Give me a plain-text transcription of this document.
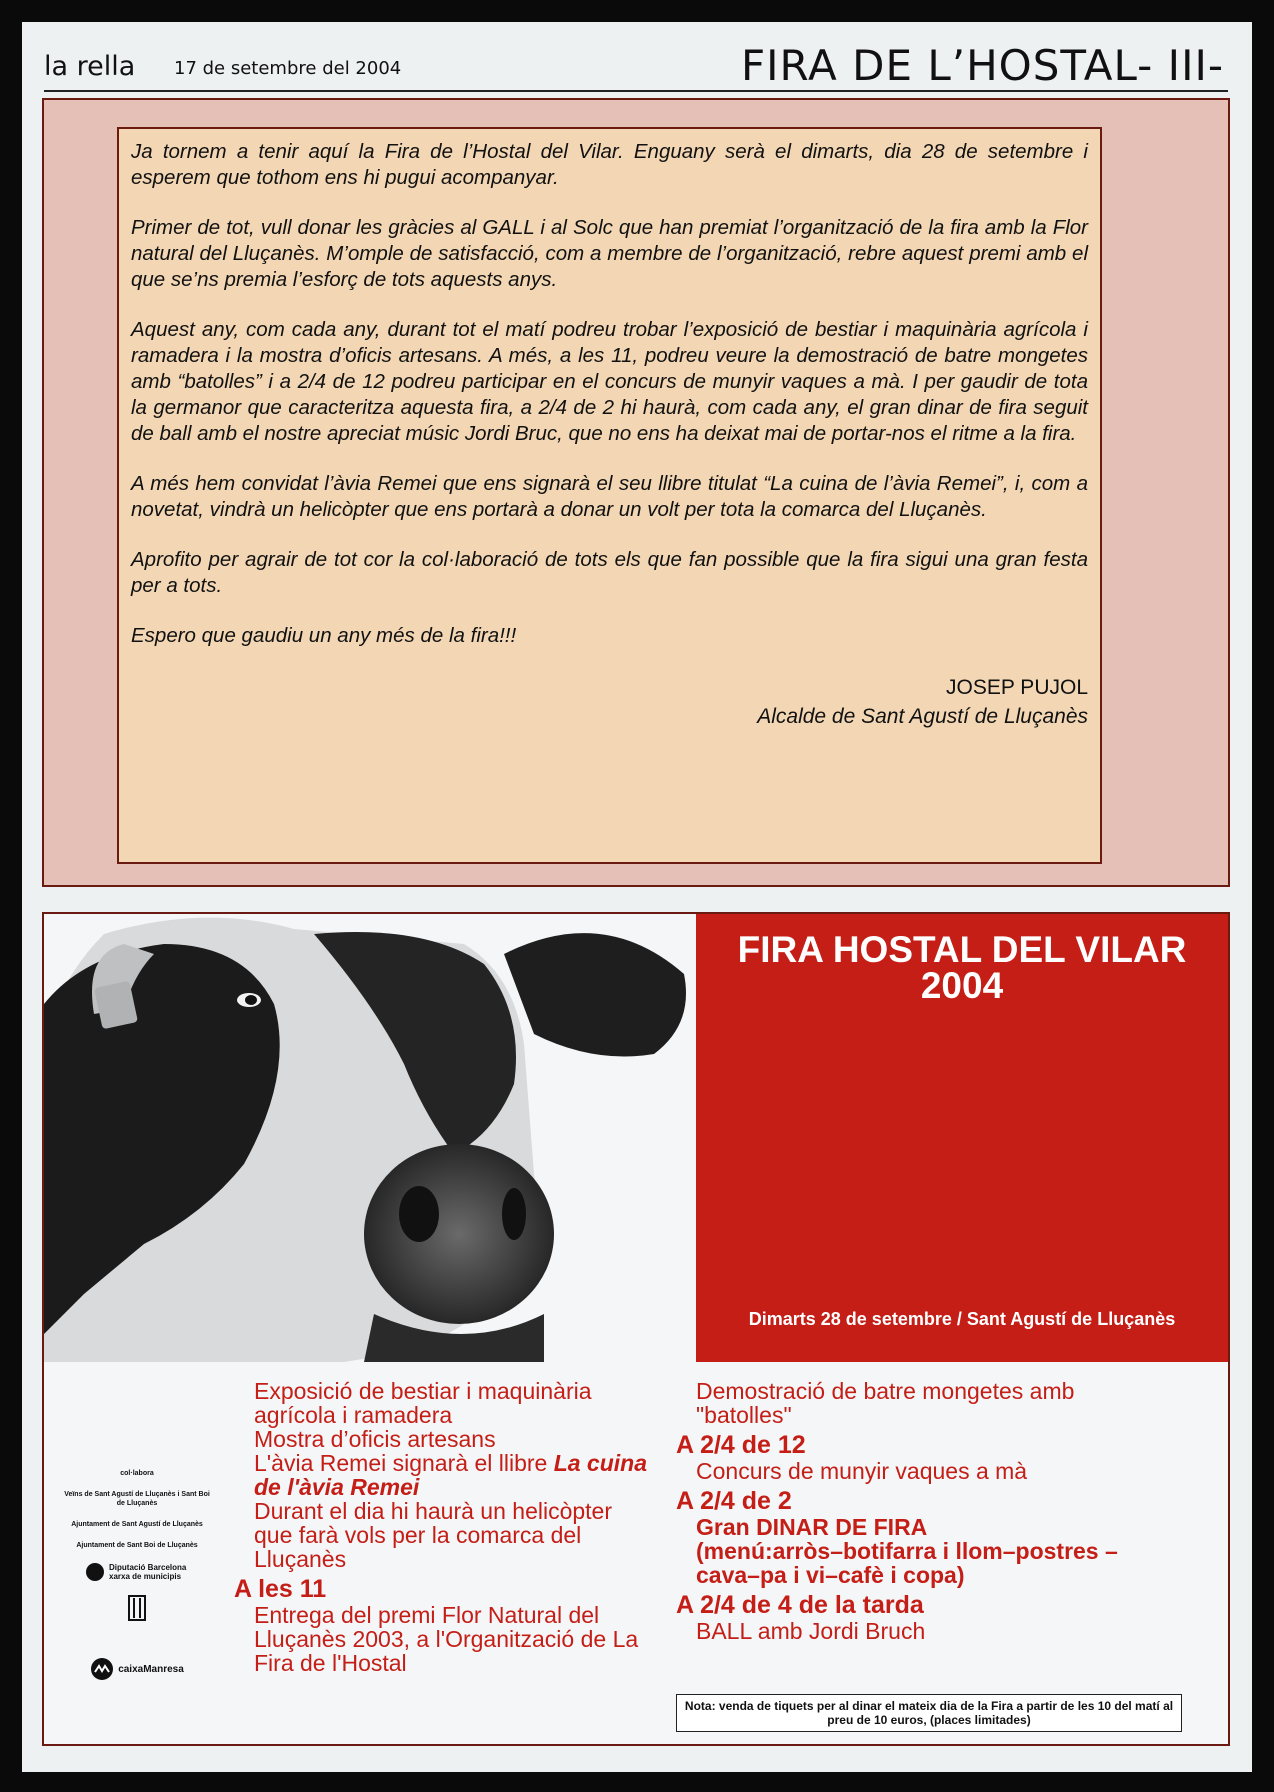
la rella 17 de setembre del 2004	FIRA DE L’HOSTAL- III-

Ja tornem a tenir aquí la Fira de l’Hostal del Vilar. Enguany serà el dimarts, dia 28 de setembre i esperem que tothom ens hi pugui acompanyar.

Primer de tot, vull donar les gràcies al GALL i al Solc que han premiat l’organització de la fira amb la Flor natural del Lluçanès. M’omple de satisfacció, com a membre de l’organització, rebre aquest premi amb el que se’ns premia l’esforç de tots aquests anys.

Aquest any, com cada any, durant tot el matí podreu trobar l’exposició de bestiar i maquinària agrícola i ramadera i la mostra d’oficis artesans. A més, a les 11, podreu veure la demostració de batre mongetes amb “batolles” i a 2/4 de 12 podreu participar en el concurs de munyir vaques a mà. I per gaudir de tota la germanor que caracteritza aquesta fira, a 2/4 de 2 hi haurà, com cada any, el gran dinar de fira seguit de ball amb el nostre apreciat músic Jordi Bruc, que no ens ha deixat mai de portar-nos el ritme a la fira.

A més hem convidat l’àvia Remei que ens signarà el seu llibre titulat “La cuina de l’àvia Remei”, i, com a novetat, vindrà un helicòpter que ens portarà a donar un volt per tota la comarca del Lluçanès.

Aprofito per agrair de tot cor la col·laboració de tots els que fan possible que la fira sigui una gran festa per a tots.

Espero que gaudiu un any més de la fira!!!

JOSEP PUJOL
Alcalde de Sant Agustí de Lluçanès
FIRA HOSTAL DEL VILAR
2004
Dimarts 28 de setembre / Sant Agustí de Lluçanès
col·labora
Veïns de Sant Agustí de Lluçanès i Sant Boi de Lluçanès
Ajuntament de Sant Agustí de Lluçanès
Ajuntament de Sant Boi de Lluçanès
Diputació Barcelona xarxa de municipis
caixaManresa
Exposició de bestiar i maquinària agrícola i ramadera
Mostra d’oficis artesans
L'àvia Remei signarà el llibre La cuina de l'àvia Remei
Durant el dia hi haurà un helicòpter que farà vols per la comarca del Lluçanès
A les 11
Entrega del premi Flor Natural del Lluçanès 2003, a l'Organització de La Fira de l'Hostal
Demostració de batre mongetes amb "batolles"
A 2/4 de 12
Concurs de munyir vaques a mà
A 2/4 de 2
Gran DINAR DE FIRA
(menú:arròs–botifarra i llom–postres –cava–pa i vi–cafè i copa)
A 2/4 de 4 de la tarda
BALL amb Jordi Bruch
Nota: venda de tiquets per al dinar el mateix dia de la Fira a partir de les 10 del matí al preu de 10 euros, (places limitades)
